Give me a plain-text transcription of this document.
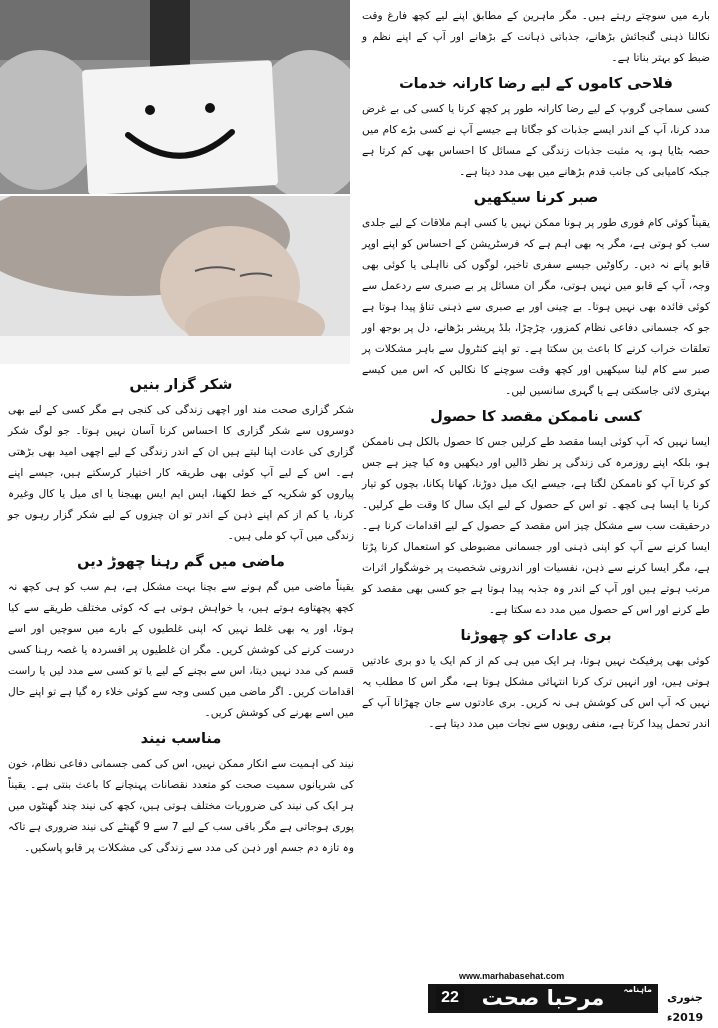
بارے میں سوچتے رہتے ہیں۔ مگر ماہرین کے مطابق اپنے لیے کچھ فارغ وقت نکالنا ذہنی گنجائش بڑھانے، جذباتی ذہانت کے بڑھانے اور آپ کے اپنے نظم و ضبط کو بہتر بناتا ہے۔

فلاحی کاموں کے لیے رضا کارانہ خدمات

کسی سماجی گروپ کے لیے رضا کارانہ طور پر کچھ کرنا یا کسی کی بے غرض مدد کرنا، آپ کے اندر ایسے جذبات کو جگاتا ہے جیسے آپ نے کسی بڑے کام میں حصہ بٹایا ہو، یہ مثبت جذبات زندگی کے مسائل کا احساس بھی کم کرتا ہے جبکہ کامیابی کی جانب قدم بڑھانے میں بھی مدد دیتا ہے۔

صبر کرنا سیکھیں

یقیناً کوئی کام فوری طور پر ہونا ممکن نہیں یا کسی اہم ملاقات کے لیے جلدی سب کو ہوتی ہے، مگر یہ بھی اہم ہے کہ فرسٹریشن کے احساس کو اپنے اوپر قابو پانے نہ دیں۔ رکاوٹیں جیسے سفری تاخیر، لوگوں کی نااہلی یا کوئی بھی وجہ، آپ کے قابو میں نہیں ہوتی، مگر ان مسائل پر بے صبری سے ردعمل سے کوئی فائدہ بھی نہیں ہوتا۔ بے چینی اور بے صبری سے ذہنی تناؤ پیدا ہوتا ہے جو کہ جسمانی دفاعی نظام کمزور، چڑچڑا، بلڈ پریشر بڑھانے، دل پر بوجھ اور تعلقات خراب کرنے کا باعث بن سکتا ہے۔ تو اپنے کنٹرول سے باہر مشکلات پر صبر سے کام لینا سیکھیں اور کچھ وقت سوچنے کا نکالیں کہ اس میں کیسے بہتری لائی جاسکتی ہے یا گہری سانسیں لیں۔

کسی ناممکن مقصد کا حصول

ایسا نہیں کہ آپ کوئی ایسا مقصد طے کرلیں جس کا حصول بالکل ہی ناممکن ہو، بلکہ اپنے روزمرہ کی زندگی پر نظر ڈالیں اور دیکھیں وہ کیا چیز ہے جس کو کرنا آپ کو ناممکن لگتا ہے، جیسے ایک میل دوڑنا، کھانا پکانا، بچوں کو تیار کرنا یا ایسا ہی کچھ۔ تو اس کے حصول کے لیے ایک سال کا وقت طے کرلیں۔ درحقیقت سب سے مشکل چیز اس مقصد کے حصول کے لیے اقدامات کرنا ہے۔ ایسا کرنے سے آپ کو اپنی ذہنی اور جسمانی مضبوطی کو استعمال کرنا پڑتا ہے، مگر ایسا کرنے سے ذہن، نفسیات اور اندرونی شخصیت پر خوشگوار اثرات مرتب ہوتے ہیں اور آپ کے اندر وہ جذبہ پیدا ہوتا ہے جو کسی بھی مقصد کو طے کرنے اور اس کے حصول میں مدد دے سکتا ہے۔

بری عادات کو چھوڑنا

کوئی بھی پرفیکٹ نہیں ہوتا، ہر ایک میں ہی کم از کم ایک یا دو بری عادتیں ہوتی ہیں، اور انہیں ترک کرنا انتہائی مشکل ہوتا ہے، مگر اس کا مطلب یہ نہیں کہ آپ اس کی کوشش ہی نہ کریں۔ بری عادتوں سے جان چھڑانا آپ کے اندر تحمل پیدا کرتا ہے، منفی رویوں سے نجات میں مدد دیتا ہے۔

شکر گزار بنیں

شکر گزاری صحت مند اور اچھی زندگی کی کنجی ہے مگر کسی کے لیے بھی دوسروں سے شکر گزاری کا احساس کرنا آسان نہیں ہوتا۔ جو لوگ شکر گزاری کی عادت اپنا لیتے ہیں ان کے اندر زندگی کے لیے اچھی امید بھی بڑھتی ہے۔ اس کے لیے آپ کوئی بھی طریقہ کار اختیار کرسکتے ہیں، جیسے اپنے پیاروں کو شکریہ کے خط لکھنا، ایس ایم ایس بھیجنا یا ای میل یا کال وغیرہ کرنا، یا کم از کم اپنے ذہن کے اندر تو ان چیزوں کے لیے شکر گزار رہوں جو زندگی میں آپ کو ملی ہیں۔

ماضی میں گم رہنا چھوڑ دیں

یقیناً ماضی میں گم ہونے سے بچنا بہت مشکل ہے، ہم سب کو ہی کچھ نہ کچھ پچھتاوے ہوتے ہیں، یا خواہش ہوتی ہے کہ کوئی مختلف طریقے سے کیا ہوتا، اور یہ بھی غلط نہیں کہ اپنی غلطیوں کے بارے میں سوچیں اور اسے درست کرنے کی کوشش کریں۔ مگر ان غلطیوں پر افسردہ یا غصہ رہنا کسی قسم کی مدد نہیں دیتا، اس سے بچنے کے لیے یا تو کسی سے مدد لیں یا راست اقدامات کریں۔ اگر ماضی میں کسی وجہ سے کوئی خلاء رہ گیا ہے تو اپنے حال میں اسے بھرنے کی کوشش کریں۔

مناسب نیند

نیند کی اہمیت سے انکار ممکن نہیں، اس کی کمی جسمانی دفاعی نظام، خون کی شریانوں سمیت صحت کو متعدد نقصانات پہنچانے کا باعث بنتی ہے۔ یقیناً ہر ایک کی نیند کی ضروریات مختلف ہوتی ہیں، کچھ کی نیند چند گھنٹوں میں پوری ہوجاتی ہے مگر باقی سب کے لیے 7 سے 9 گھنٹے کی نیند ضروری ہے تاکہ وہ تازہ دم جسم اور ذہن کی مدد سے زندگی کی مشکلات پر قابو پاسکیں۔

مرحبا صحت ماہنامہ
www.marhabasehat.com
22	جنوری 2019ء
